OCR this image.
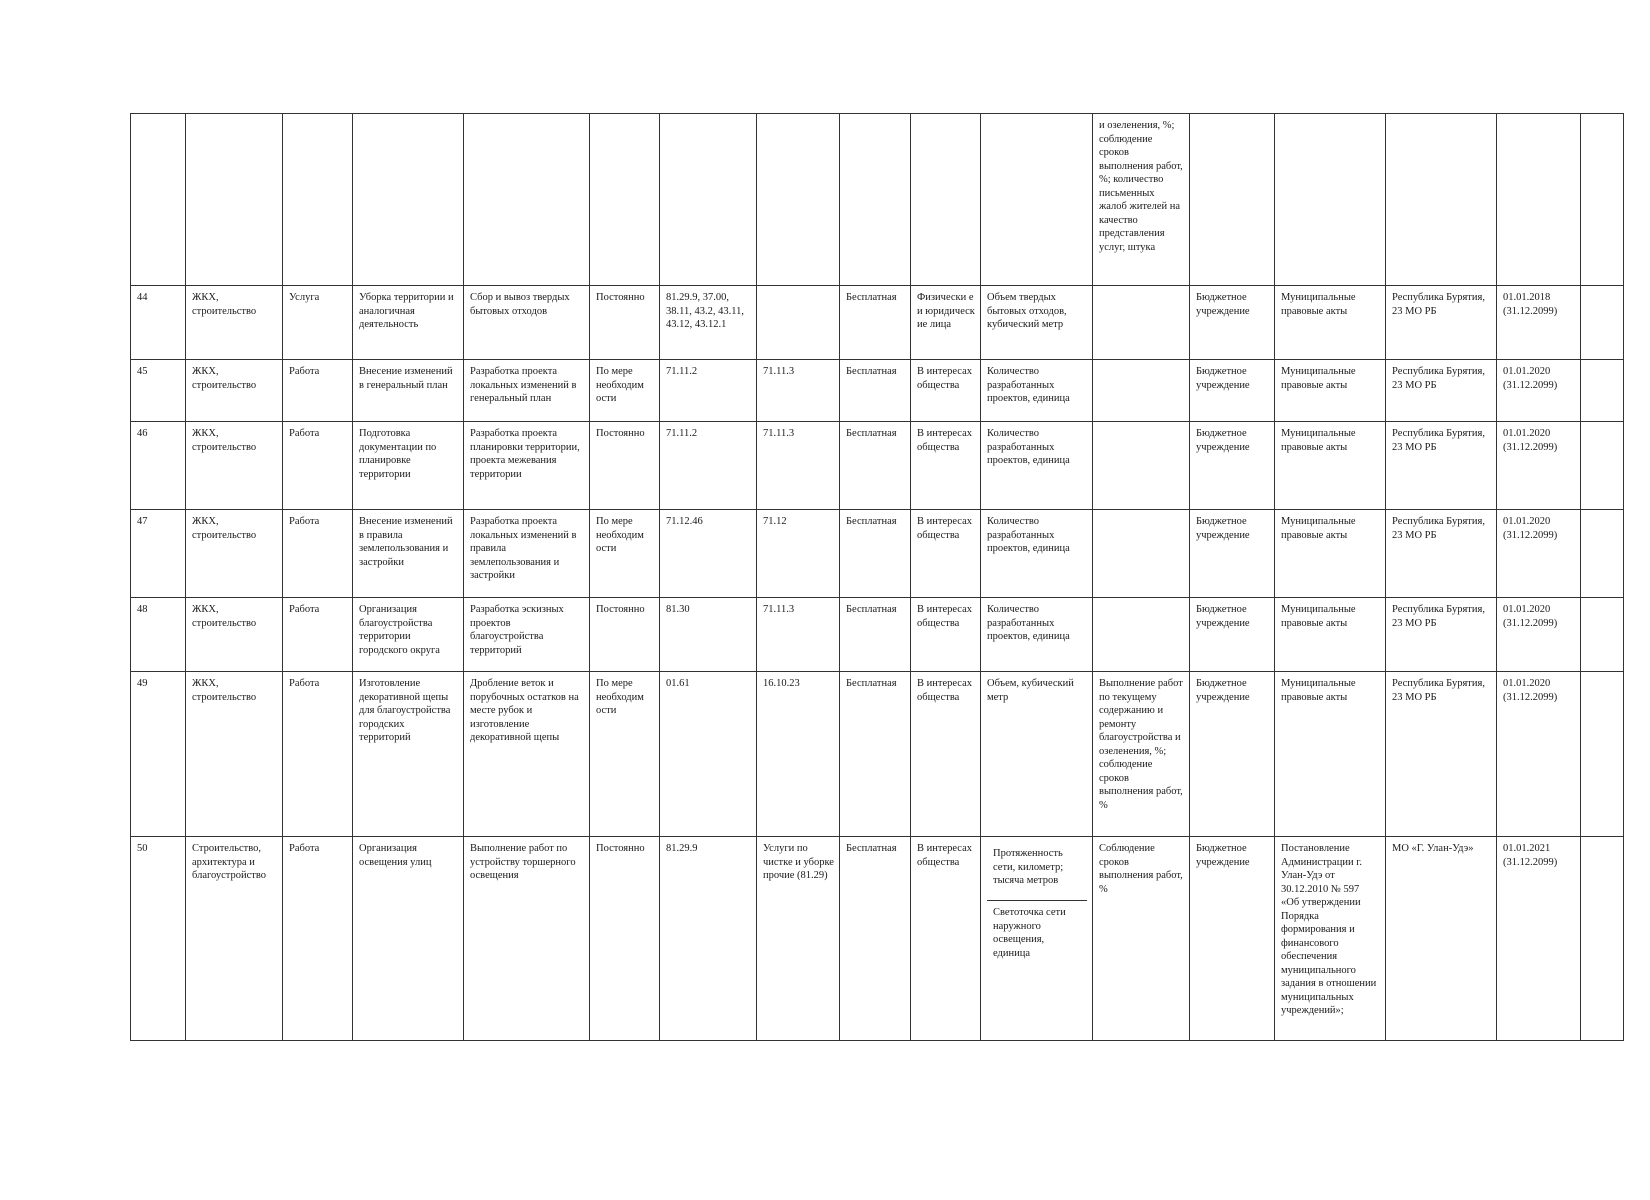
											и озеленения, %; соблюдение сроков выполнения работ, %; количество письменных жалоб жителей на качество представления услуг, штука					
44	ЖКХ, строительство	Услуга	Уборка территории и аналогичная деятельность	Сбор и вывоз твердых бытовых отходов	Постоянно	81.29.9, 37.00, 38.11, 43.2, 43.11, 43.12, 43.12.1		Бесплатная	Физически е и юридическ ие лица	Объем твердых бытовых отходов, кубический метр		Бюджетное учреждение	Муниципальные правовые акты	Республика Бурятия, 23 МО РБ	01.01.2018 (31.12.2099)	
45	ЖКХ, строительство	Работа	Внесение изменений в генеральный план	Разработка проекта локальных изменений в генеральный план	По мере необходим ости	71.11.2	71.11.3	Бесплатная	В интересах общества	Количество разработанных проектов, единица		Бюджетное учреждение	Муниципальные правовые акты	Республика Бурятия, 23 МО РБ	01.01.2020 (31.12.2099)	
46	ЖКХ, строительство	Работа	Подготовка документации по планировке территории	Разработка проекта планировки территории, проекта межевания территории	Постоянно	71.11.2	71.11.3	Бесплатная	В интересах общества	Количество разработанных проектов, единица		Бюджетное учреждение	Муниципальные правовые акты	Республика Бурятия, 23 МО РБ	01.01.2020 (31.12.2099)	
47	ЖКХ, строительство	Работа	Внесение изменений в правила землепользования и застройки	Разработка проекта локальных изменений в правила землепользования и застройки	По мере необходим ости	71.12.46	71.12	Бесплатная	В интересах общества	Количество разработанных проектов, единица		Бюджетное учреждение	Муниципальные правовые акты	Республика Бурятия, 23 МО РБ	01.01.2020 (31.12.2099)	
48	ЖКХ, строительство	Работа	Организация благоустройства территории городского округа	Разработка эскизных проектов благоустройства территорий	Постоянно	81.30	71.11.3	Бесплатная	В интересах общества	Количество разработанных проектов, единица		Бюджетное учреждение	Муниципальные правовые акты	Республика Бурятия, 23 МО РБ	01.01.2020 (31.12.2099)	
49	ЖКХ, строительство	Работа	Изготовление декоративной щепы для благоустройства городских территорий	Дробление веток и порубочных остатков на месте рубок и изготовление декоративной щепы	По мере необходим ости	01.61	16.10.23	Бесплатная	В интересах общества	Объем, кубический метр	Выполнение работ по текущему содержанию и ремонту благоустройства и озеленения, %; соблюдение сроков выполнения работ, %	Бюджетное учреждение	Муниципальные правовые акты	Республика Бурятия, 23 МО РБ	01.01.2020 (31.12.2099)	
50	Строительство, архитектура и благоустройство	Работа	Организация освещения улиц	Выполнение работ по устройству торшерного освещения	Постоянно	81.29.9	Услуги по чистке и уборке прочие (81.29)	Бесплатная	В интересах общества	Протяженность сети, километр; тысяча метров
Светоточка сети наружного освещения, единица	Соблюдение сроков выполнения работ, %	Бюджетное учреждение	Постановление Администрации г. Улан-Удэ от 30.12.2010 № 597 «Об утверждении Порядка формирования и финансового обеспечения муниципального задания в отношении муниципальных учреждений»;	МО «Г. Улан-Удэ»	01.01.2021 (31.12.2099)	
